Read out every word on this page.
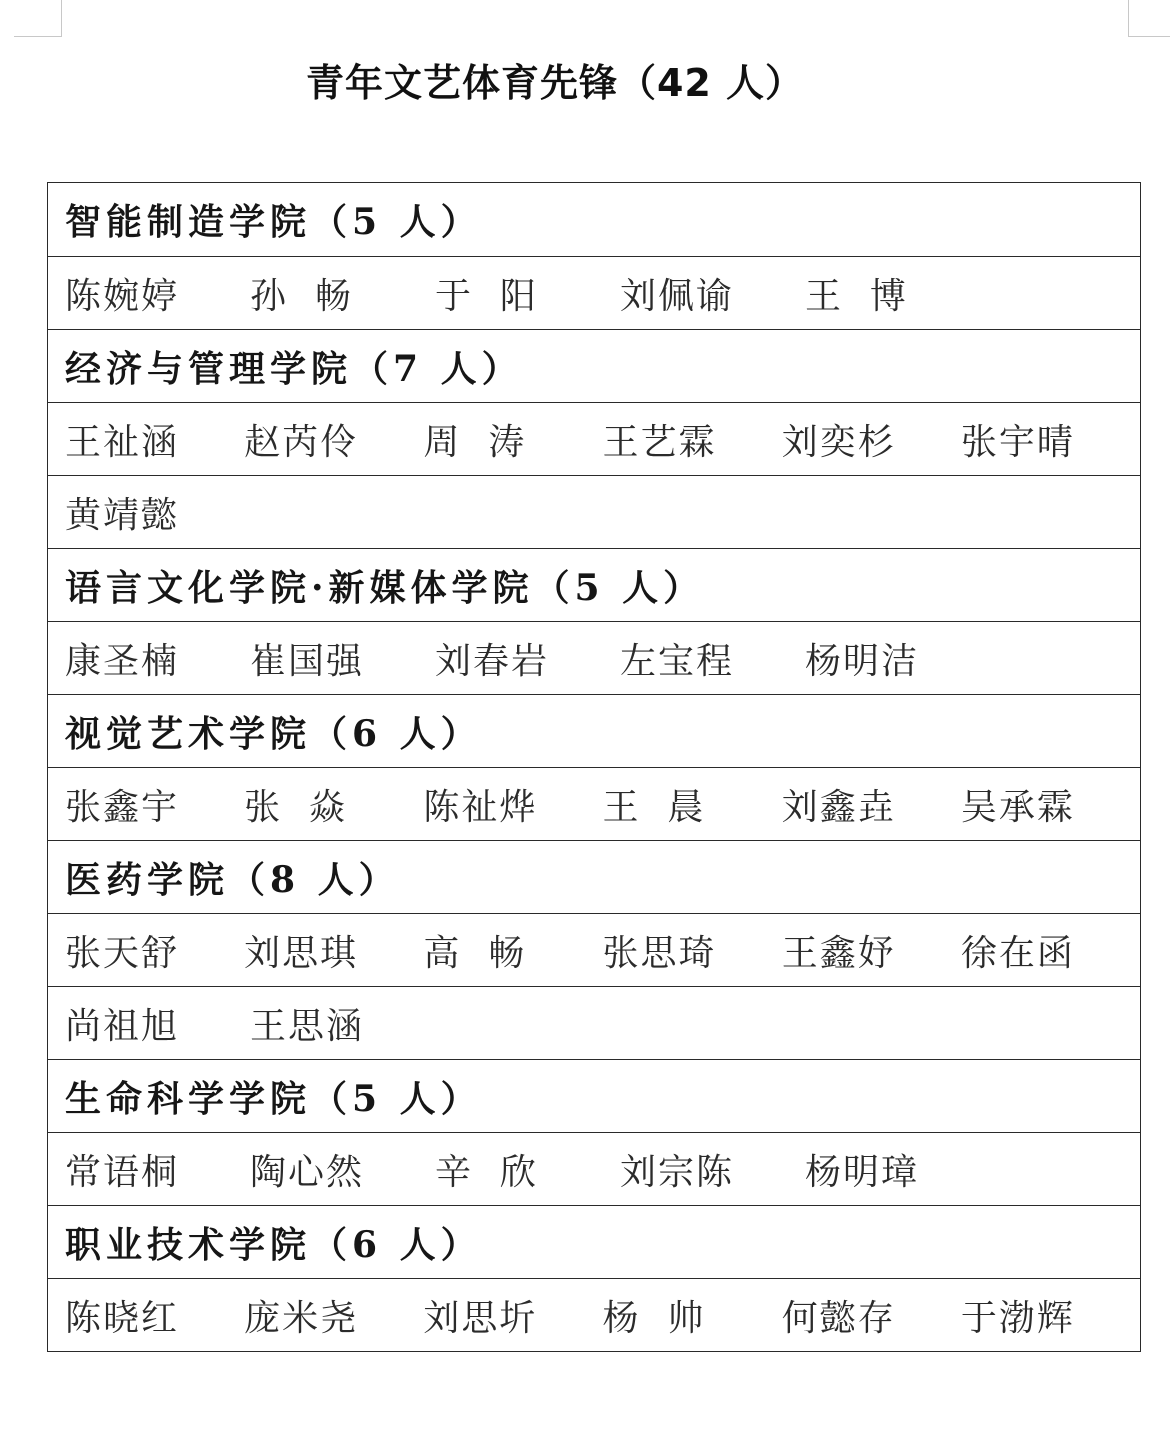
青年文艺体育先锋（42 人）
智能制造学院（5 人）
陈婉婷	孙  畅	于  阳	刘佩谕	王  博
经济与管理学院（7 人）
王祉涵	赵芮伶	周  涛	王艺霖	刘奕杉	张宇晴
黄靖懿
语言文化学院·新媒体学院（5 人）
康圣楠	崔国强	刘春岩	左宝程	杨明洁
视觉艺术学院（6 人）
张鑫宇	张  焱	陈祉烨	王  晨	刘鑫垚	吴承霖
医药学院（8 人）
张天舒	刘思琪	高  畅	张思琦	王鑫妤	徐在函
尚祖旭	王思涵
生命科学学院（5 人）
常语桐	陶心然	辛  欣	刘宗陈	杨明璋
职业技术学院（6 人）
陈晓红	庞米尧	刘思圻	杨  帅	何懿存	于渤辉
